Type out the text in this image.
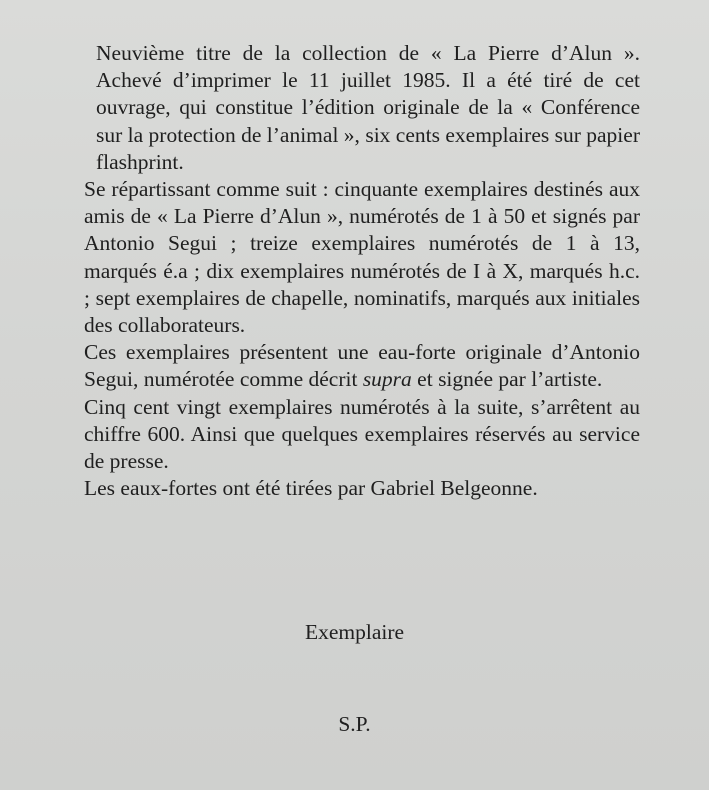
Neuvième titre de la collection de « La Pierre d’Alun ». Achevé d’imprimer le 11 juillet 1985. Il a été tiré de cet ouvrage, qui constitue l’édition originale de la « Conférence sur la protection de l’animal », six cents exemplaires sur papier flashprint.

Se répartissant comme suit : cinquante exemplaires destinés aux amis de « La Pierre d’Alun », numérotés de 1 à 50 et signés par Antonio Segui ; treize exemplaires numérotés de 1 à 13, marqués é.a ; dix exemplaires numérotés de I à X, marqués h.c. ; sept exemplaires de chapelle, nominatifs, marqués aux initiales des collaborateurs.

Ces exemplaires présentent une eau-forte originale d’Antonio Segui, numérotée comme décrit supra et signée par l’artiste.

Cinq cent vingt exemplaires numérotés à la suite, s’arrêtent au chiffre 600. Ainsi que quelques exemplaires réservés au service de presse.

Les eaux-fortes ont été tirées par Gabriel Belgeonne.

Exemplaire
S.P.
